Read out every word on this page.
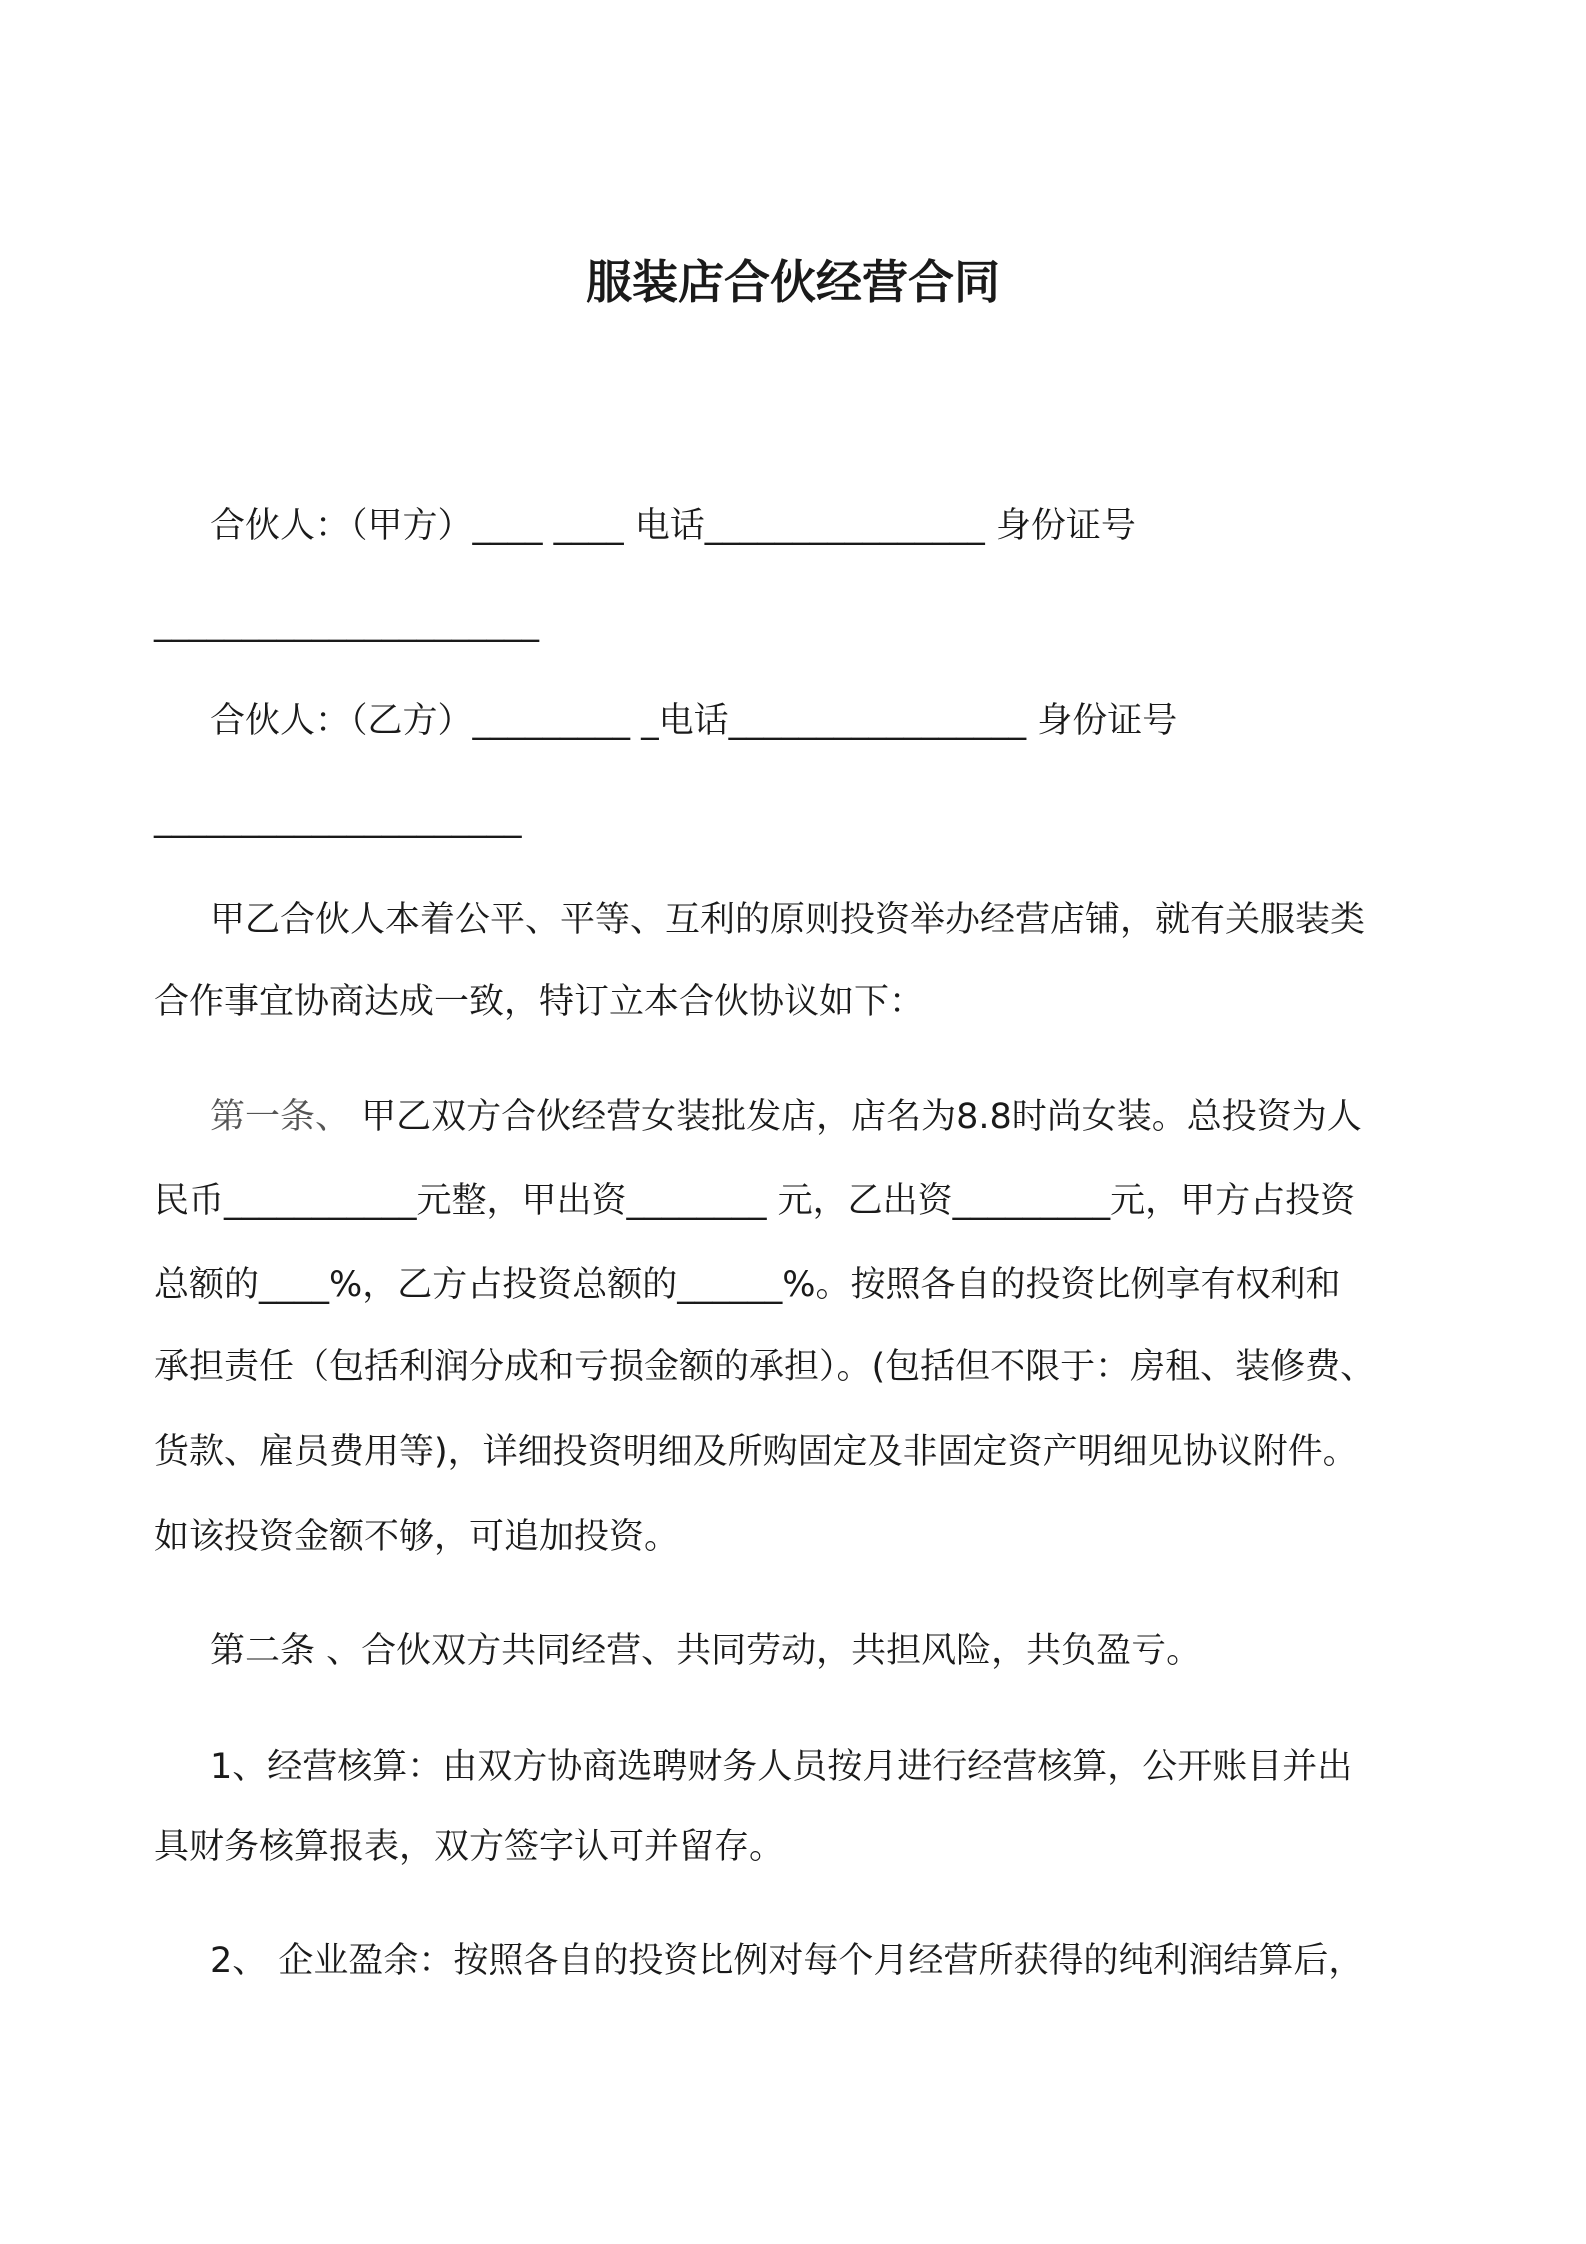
服装店合伙经营合同
合伙人：（甲方）____ ____ 电话________________ 身份证号
______________________
合伙人：（乙方）_________ _电话_________________ 身份证号
_____________________
甲乙合伙人本着公平、平等、互利的原则投资举办经营店铺，就有关服装类
合作事宜协商达成一致，特订立本合伙协议如下：
第一条、 甲乙双方合伙经营女装批发店，店名为8.8时尚女装。总投资为人
民币___________元整，甲出资________ 元，乙出资_________元，甲方占投资
总额的____%，乙方占投资总额的______%。按照各自的投资比例享有权利和
承担责任（包括利润分成和亏损金额的承担）。(包括但不限于：房租、装修费、
货款、雇员费用等)，详细投资明细及所购固定及非固定资产明细见协议附件。
如该投资金额不够，可追加投资。
第二条 、合伙双方共同经营、共同劳动，共担风险，共负盈亏。
1、经营核算：由双方协商选聘财务人员按月进行经营核算，公开账目并出
具财务核算报表，双方签字认可并留存。
2、 企业盈余：按照各自的投资比例对每个月经营所获得的纯利润结算后，
